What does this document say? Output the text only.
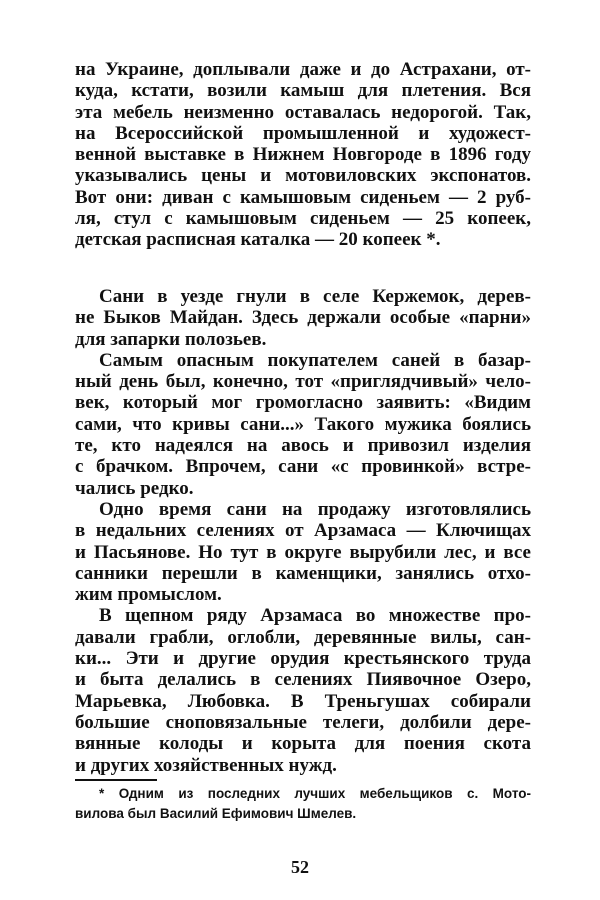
на Украине, доплывали даже и до Астрахани, от-
куда, кстати, возили камыш для плетения. Вся
эта мебель неизменно оставалась недорогой. Так,
на Всероссийской промышленной и художест-
венной выставке в Нижнем Новгороде в 1896 году
указывались цены и мотовиловских экспонатов.
Вот они: диван с камышовым сиденьем — 2 руб-
ля, стул с камышовым сиденьем — 25 копеек,
детская расписная каталка — 20 копеек *.
Сани в уезде гнули в селе Кержемок, дерев-
не Быков Майдан. Здесь держали особые «парни»
для запарки полозьев.
Самым опасным покупателем саней в базар-
ный день был, конечно, тот «приглядчивый» чело-
век, который мог громогласно заявить: «Видим
сами, что кривы сани...» Такого мужика боялись
те, кто надеялся на авось и привозил изделия
с брачком. Впрочем, сани «с провинкой» встре-
чались редко.
Одно время сани на продажу изготовлялись
в недальних селениях от Арзамаса — Ключищах
и Пасьянове. Но тут в округе вырубили лес, и все
санники перешли в каменщики, занялись отхо-
жим промыслом.
В щепном ряду Арзамаса во множестве про-
давали грабли, оглобли, деревянные вилы, сан-
ки... Эти и другие орудия крестьянского труда
и быта делались в селениях Пиявочное Озеро,
Марьевка, Любовка. В Треньгушах собирали
большие сноповязальные телеги, долбили дере-
вянные колоды и корыта для поения скота
и других хозяйственных нужд.
* Одним из последних лучших мебельщиков с. Мото-
вилова был Василий Ефимович Шмелев.
52
